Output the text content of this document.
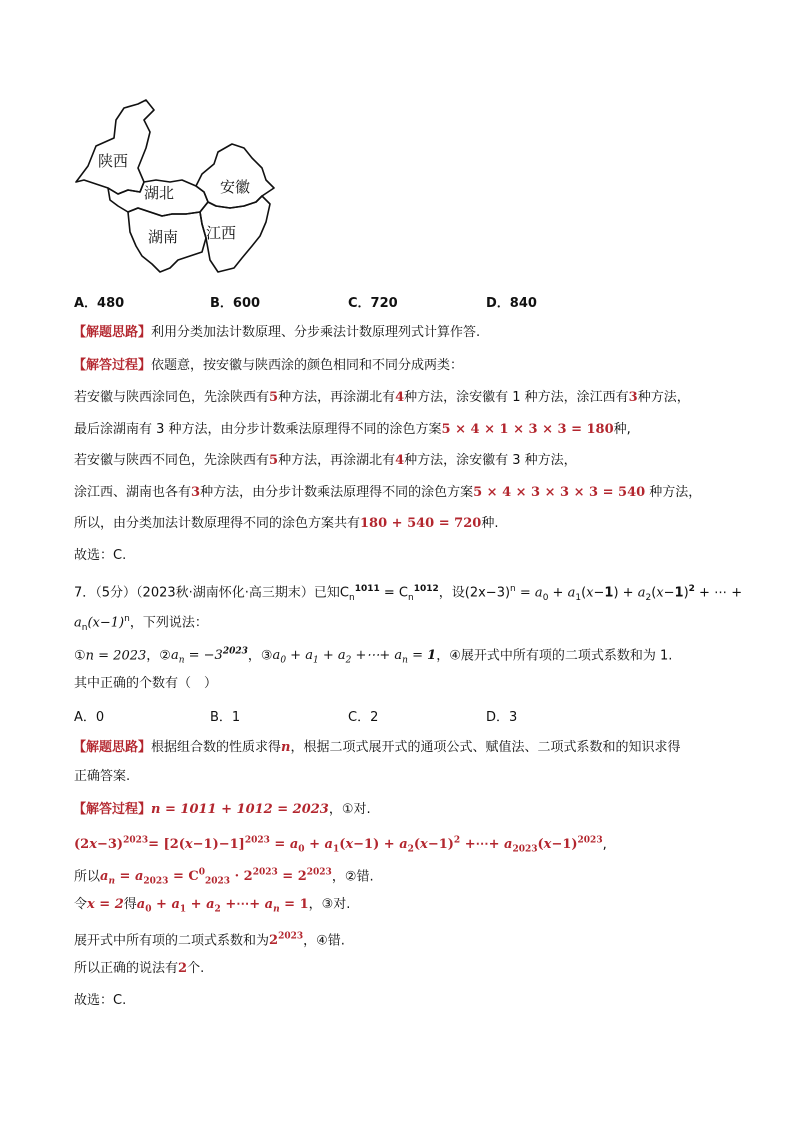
陕西
湖北	安徽
湖南 江西
A．480	B．600	C．720	D．840
【解题思路】利用分类加法计数原理、分步乘法计数原理列式计算作答.
【解答过程】依题意，按安徽与陕西涂的颜色相同和不同分成两类：
若安徽与陕西涂同色，先涂陕西有5种方法，再涂湖北有4种方法，涂安徽有 1 种方法，涂江西有3种方法，
最后涂湖南有 3 种方法，由分步计数乘法原理得不同的涂色方案5 × 4 × 1 × 3 × 3 = 180种,
若安徽与陕西不同色，先涂陕西有5种方法，再涂湖北有4种方法，涂安徽有 3 种方法，
涂江西、湖南也各有3种方法，由分步计数乘法原理得不同的涂色方案5 × 4 × 3 × 3 × 3 = 540 种方法，
所以，由分类加法计数原理得不同的涂色方案共有180 + 540 = 720种.
故选：C.
7．（5分）（2023秋·湖南怀化·高三期末）已知$C_n^{1011} = C_n^{1012}$，设$(2x-3)^n = a_0 + a_1(x-1) + a_2(x-1)^2$ + ⋯ +
$a_n(x-1)^n$，下列说法：
①n = 2023，$②a_n = -3^{2023}$，$③a_0 + a_1 + a_2$ +⋯+ $a_n = 1$，④展开式中所有项的二项式系数和为 1.
其中正确的个数有（　）
A．0	B．1	C．2	D．3
【解题思路】根据组合数的性质求得n，根据二项式展开式的通项公式、赋值法、二项式系数和的知识求得
正确答案.
【解答过程】n = 1011 + 1012 = 2023，①对.
$(2x-3)^{2023}= [2(x-1)-1]^{2023} = a_0 + a_1(x-1) + a_2(x-1)^2$ +⋯+ $a_{2023}(x-1)^{2023}$,
所以$a_n = a_{2023} = C^0_{2023} \cdot 2^{2023} = 2^{2023}$，②错.
令x = 2得$a_0 + a_1 + a_2$ +⋯+ $a_n = 1$，③对.
展开式中所有项的二项式系数和为$2^{2023}$，④错.
所以正确的说法有2个.
故选：C.
